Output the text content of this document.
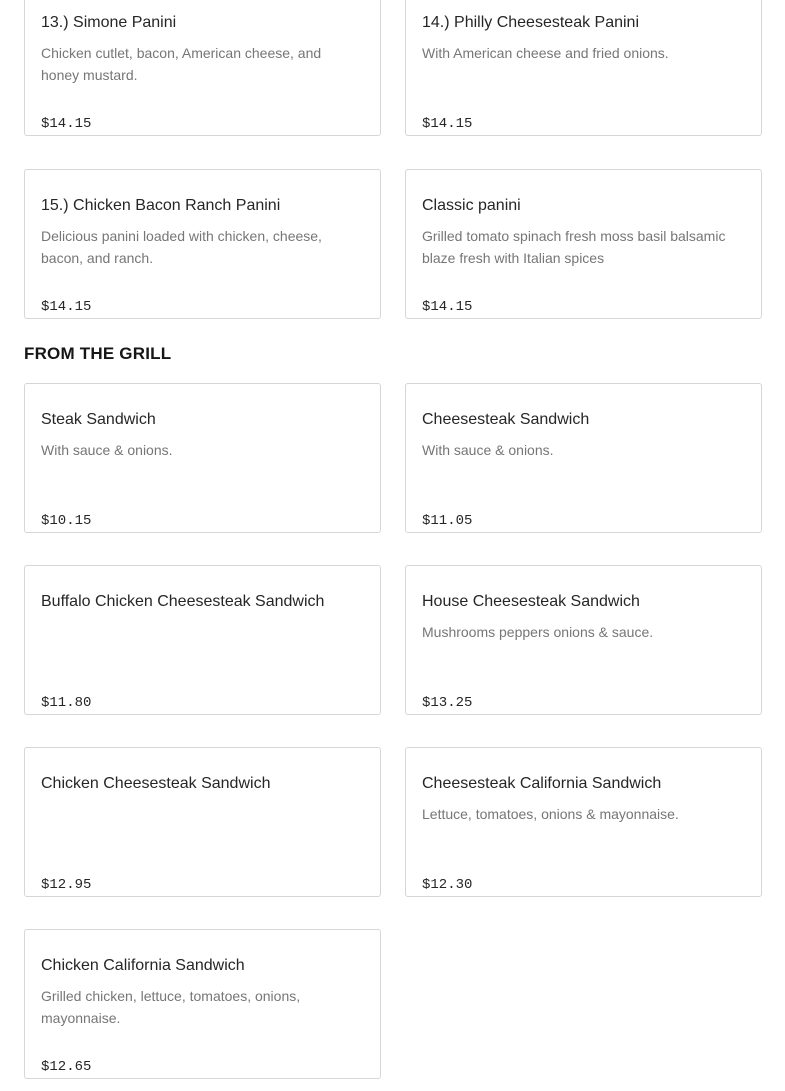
13.) Simone Panini
Chicken cutlet, bacon, American cheese, and honey mustard.
$14.15
14.) Philly Cheesesteak Panini
With American cheese and fried onions.
$14.15
15.) Chicken Bacon Ranch Panini
Delicious panini loaded with chicken, cheese, bacon, and ranch.
$14.15
Classic panini
Grilled tomato spinach fresh moss basil balsamic blaze fresh with Italian spices
$14.15
FROM THE GRILL
Steak Sandwich
With sauce & onions.
$10.15
Cheesesteak Sandwich
With sauce & onions.
$11.05
Buffalo Chicken Cheesesteak Sandwich
$11.80
House Cheesesteak Sandwich
Mushrooms peppers onions & sauce.
$13.25
Chicken Cheesesteak Sandwich
$12.95
Cheesesteak California Sandwich
Lettuce, tomatoes, onions & mayonnaise.
$12.30
Chicken California Sandwich
Grilled chicken, lettuce, tomatoes, onions, mayonnaise.
$12.65
